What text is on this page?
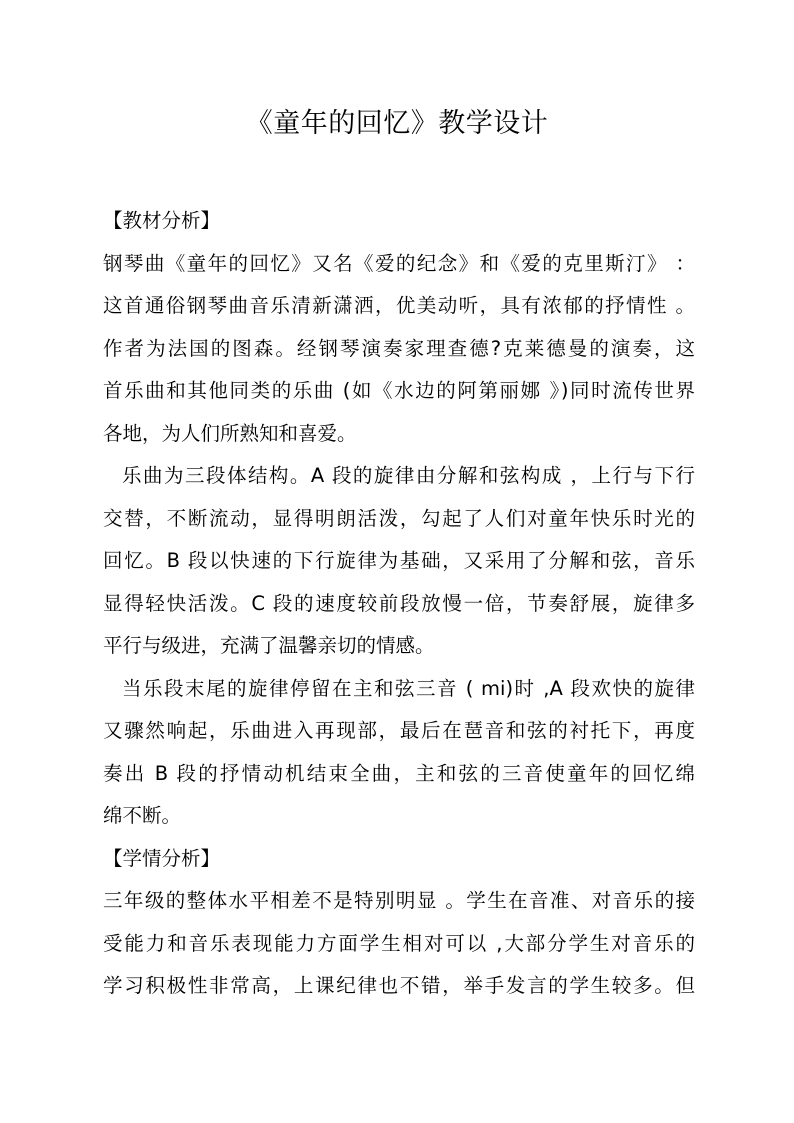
《童年的回忆》教学设计
【教材分析】
钢琴曲《童年的回忆》又名《爱的纪念》和《爱的克里斯汀》 ：
这首通俗钢琴曲音乐清新潇洒，优美动听，具有浓郁的抒情性 。
作者为法国的图森。经钢琴演奏家理查德?克莱德曼的演奏，这
首乐曲和其他同类的乐曲 (如《水边的阿第丽娜 》)同时流传世界
各地，为人们所熟知和喜爱。
乐曲为三段体结构。A 段的旋律由分解和弦构成 ，上行与下行
交替，不断流动，显得明朗活泼，勾起了人们对童年快乐时光的
回忆。B 段以快速的下行旋律为基础，又采用了分解和弦，音乐
显得轻快活泼。C 段的速度较前段放慢一倍，节奏舒展，旋律多
平行与级进，充满了温馨亲切的情感。
当乐段末尾的旋律停留在主和弦三音 ( mi)时 ,A 段欢快的旋律
又骤然响起，乐曲进入再现部，最后在琶音和弦的衬托下，再度
奏出 B 段的抒情动机结束全曲，主和弦的三音使童年的回忆绵
绵不断。
【学情分析】
三年级的整体水平相差不是特别明显 。学生在音准、对音乐的接
受能力和音乐表现能力方面学生相对可以 ,大部分学生对音乐的
学习积极性非常高，上课纪律也不错，举手发言的学生较多。但
